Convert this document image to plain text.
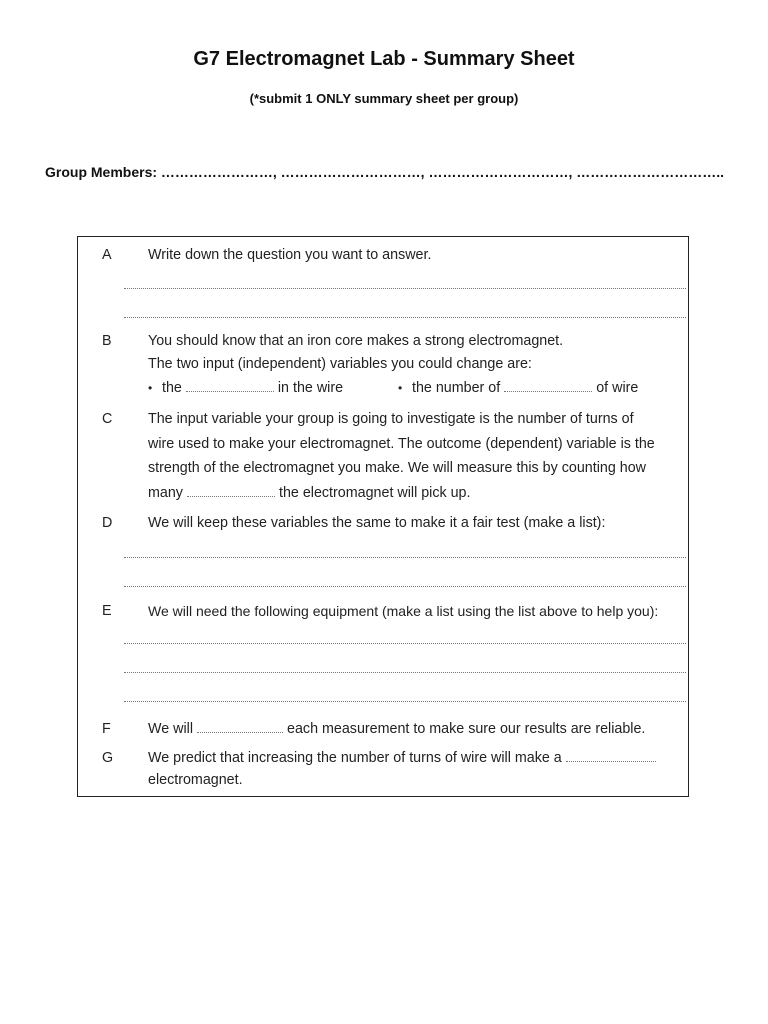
G7 Electromagnet Lab - Summary Sheet
(*submit 1 ONLY summary sheet per group)
Group Members: ……………………, …………………………, …………………………, …………………………..
A	Write down the question you want to answer.
B	You should know that an iron core makes a strong electromagnet.
The two input (independent) variables you could change are:
• the	in the wire	• the number of	of wire
C	The input variable your group is going to investigate is the number of turns of
wire used to make your electromagnet. The outcome (dependent) variable is the
strength of the electromagnet you make. We will measure this by counting how
many	the electromagnet will pick up.
D	We will keep these variables the same to make it a fair test (make a list):
E	We will need the following equipment (make a list using the list above to help you):
F	We will	each measurement to make sure our results are reliable.
G	We predict that increasing the number of turns of wire will make a
electromagnet.
